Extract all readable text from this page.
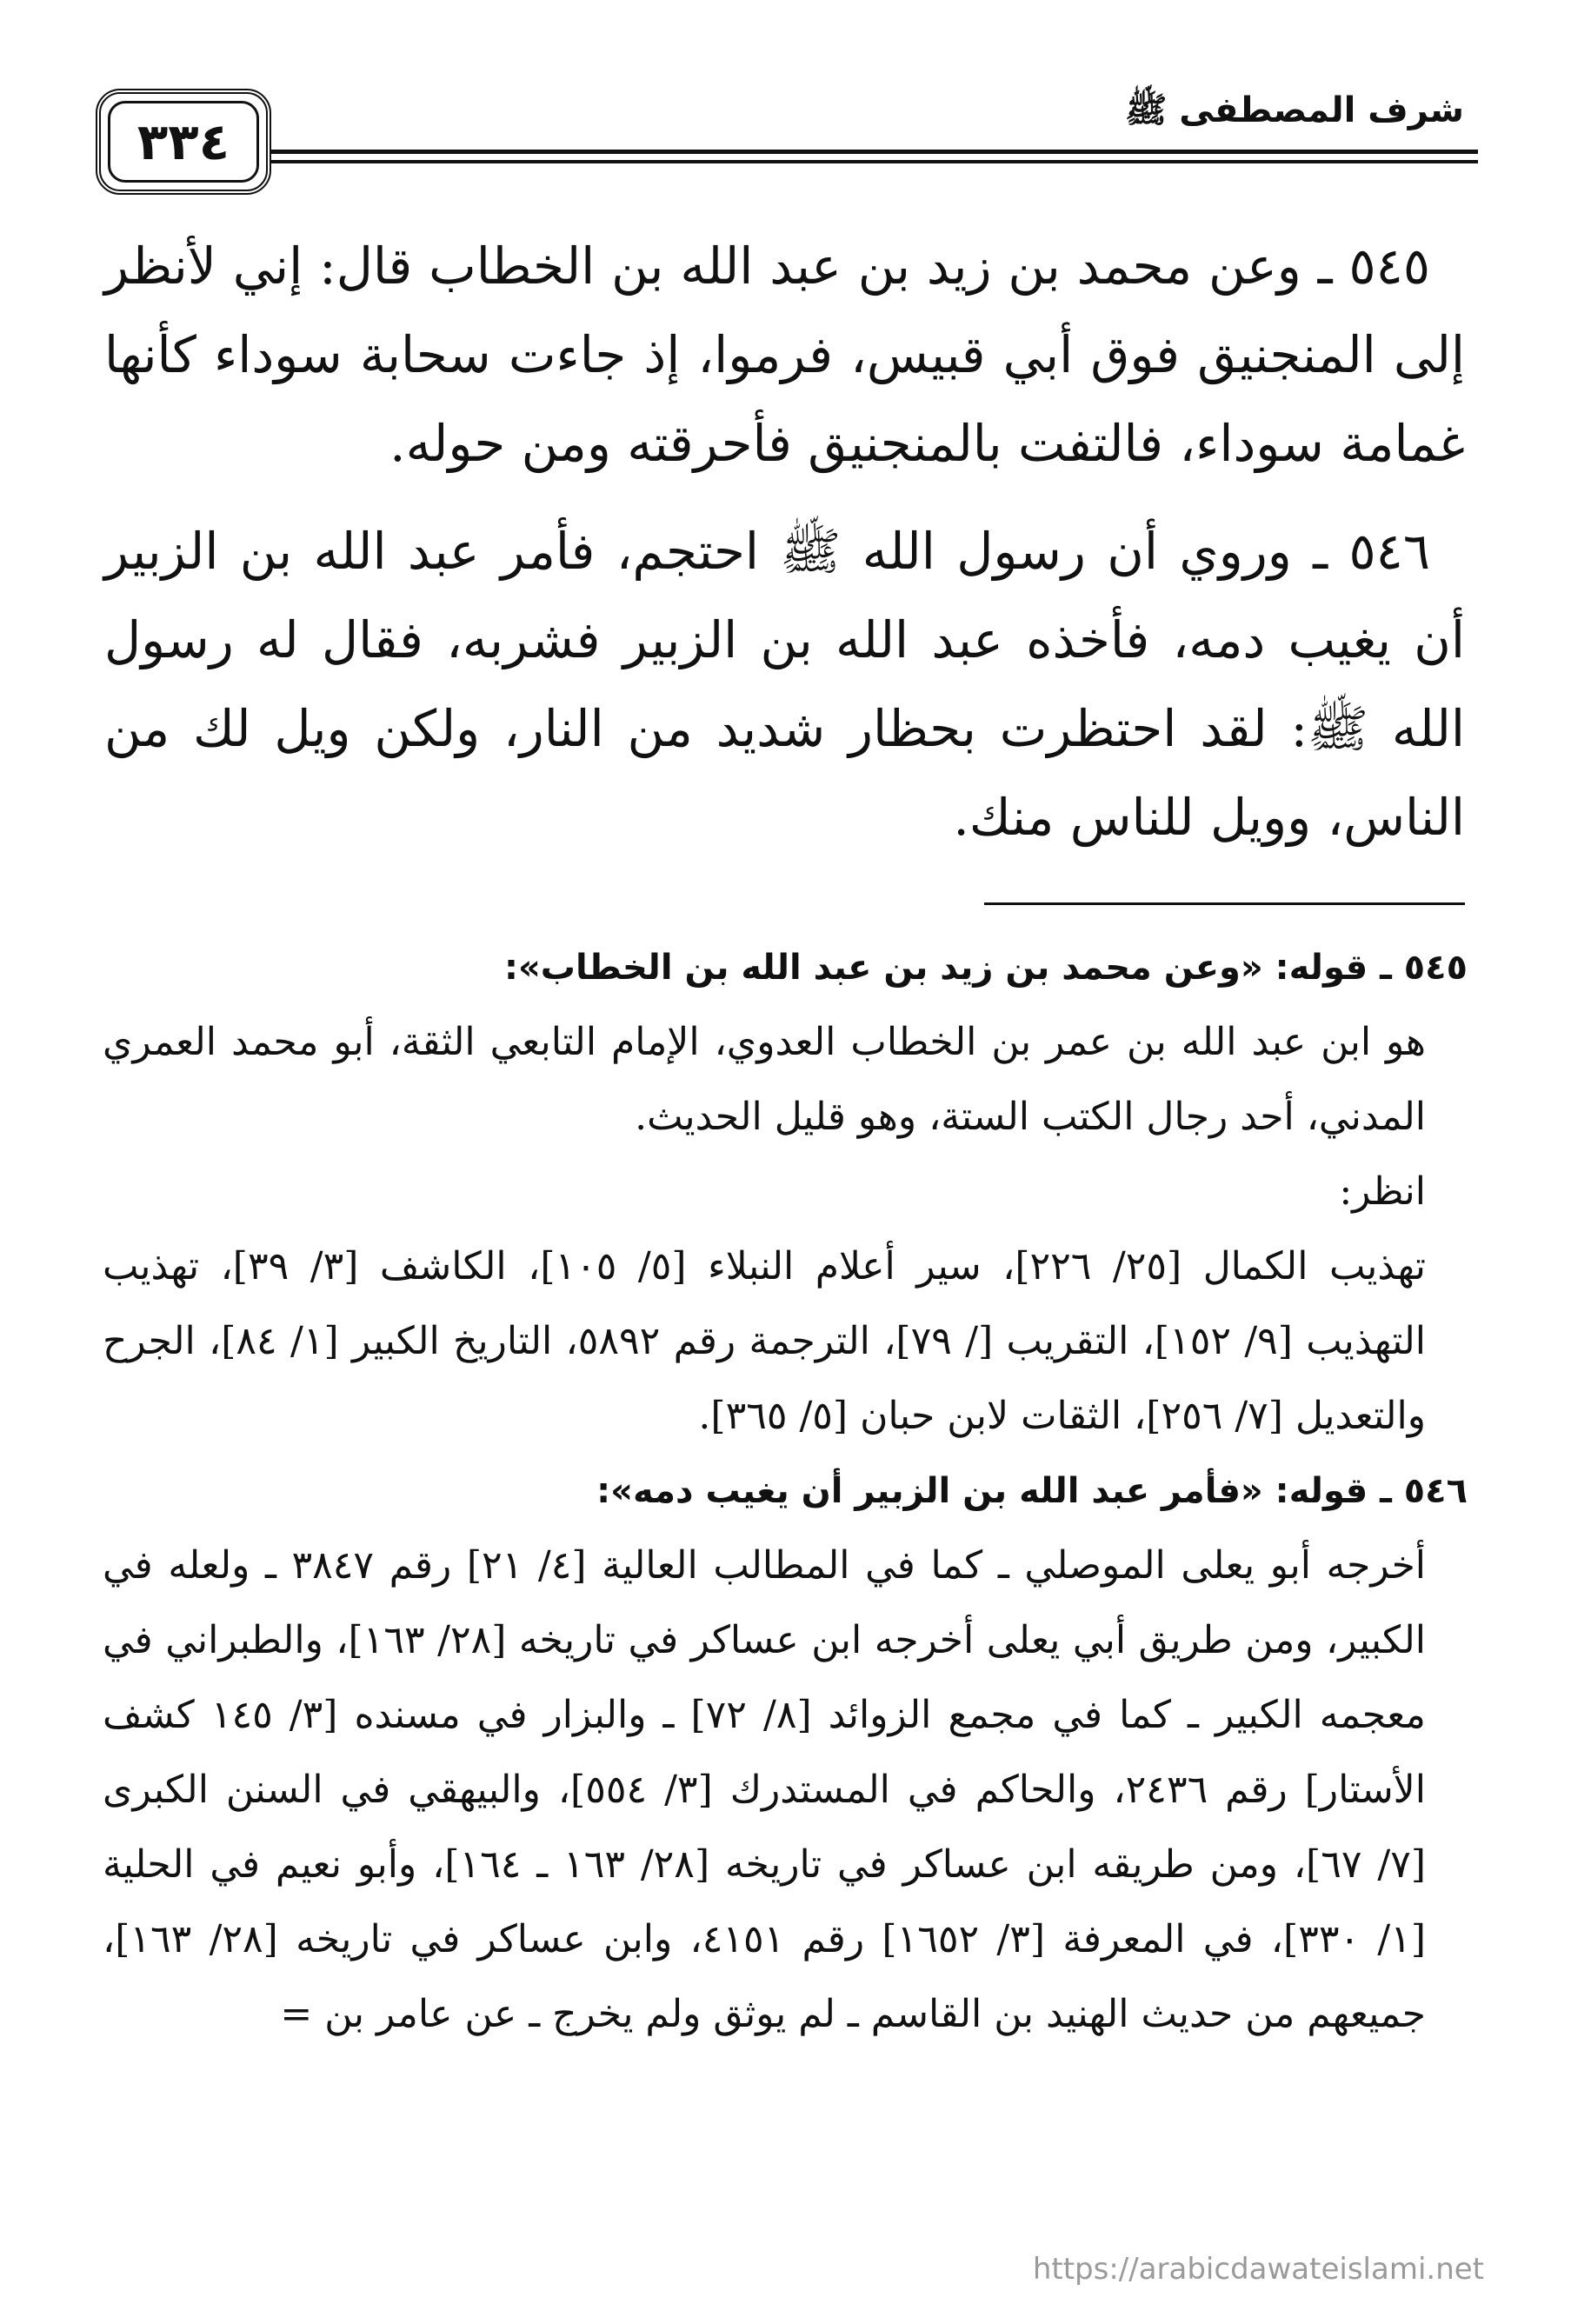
٣٣٤
شرف المصطفى ﷺ

٥٤٥ ـ وعن محمد بن زيد بن عبد الله بن الخطاب قال: إني لأنظر إلى المنجنيق فوق أبي قبيس، فرموا، إذ جاءت سحابة سوداء كأنها غمامة سوداء، فالتفت بالمنجنيق فأحرقته ومن حوله.

٥٤٦ ـ وروي أن رسول الله ﷺ احتجم، فأمر عبد الله بن الزبير أن يغيب دمه، فأخذه عبد الله بن الزبير فشربه، فقال له رسول الله ﷺ: لقد احتظرت بحظار شديد من النار، ولكن ويل لك من الناس، وويل للناس منك.

٥٤٥ ـ قوله: «وعن محمد بن زيد بن عبد الله بن الخطاب»:

هو ابن عبد الله بن عمر بن الخطاب العدوي، الإمام التابعي الثقة، أبو محمد العمري المدني، أحد رجال الكتب الستة، وهو قليل الحديث.

انظر:

تهذيب الكمال [٢٥/ ٢٢٦]، سير أعلام النبلاء [٥/ ١٠٥]، الكاشف [٣/ ٣٩]، تهذيب التهذيب [٩/ ١٥٢]، التقريب [/ ٧٩]، الترجمة رقم ٥٨٩٢، التاريخ الكبير [١/ ٨٤]، الجرح والتعديل [٧/ ٢٥٦]، الثقات لابن حبان [٥/ ٣٦٥].

٥٤٦ ـ قوله: «فأمر عبد الله بن الزبير أن يغيب دمه»:

أخرجه أبو يعلى الموصلي ـ كما في المطالب العالية [٤/ ٢١] رقم ٣٨٤٧ ـ ولعله في الكبير، ومن طريق أبي يعلى أخرجه ابن عساكر في تاريخه [٢٨/ ١٦٣]، والطبراني في معجمه الكبير ـ كما في مجمع الزوائد [٨/ ٧٢] ـ والبزار في مسنده [٣/ ١٤٥ كشف الأستار] رقم ٢٤٣٦، والحاكم في المستدرك [٣/ ٥٥٤]، والبيهقي في السنن الكبرى [٧/ ٦٧]، ومن طريقه ابن عساكر في تاريخه [٢٨/ ١٦٣ ـ ١٦٤]، وأبو نعيم في الحلية [١/ ٣٣٠]، في المعرفة [٣/ ١٦٥٢] رقم ٤١٥١، وابن عساكر في تاريخه [٢٨/ ١٦٣]، جميعهم من حديث الهنيد بن القاسم ـ لم يوثق ولم يخرج ـ عن عامر بن =

https://arabicdawateislami.net
